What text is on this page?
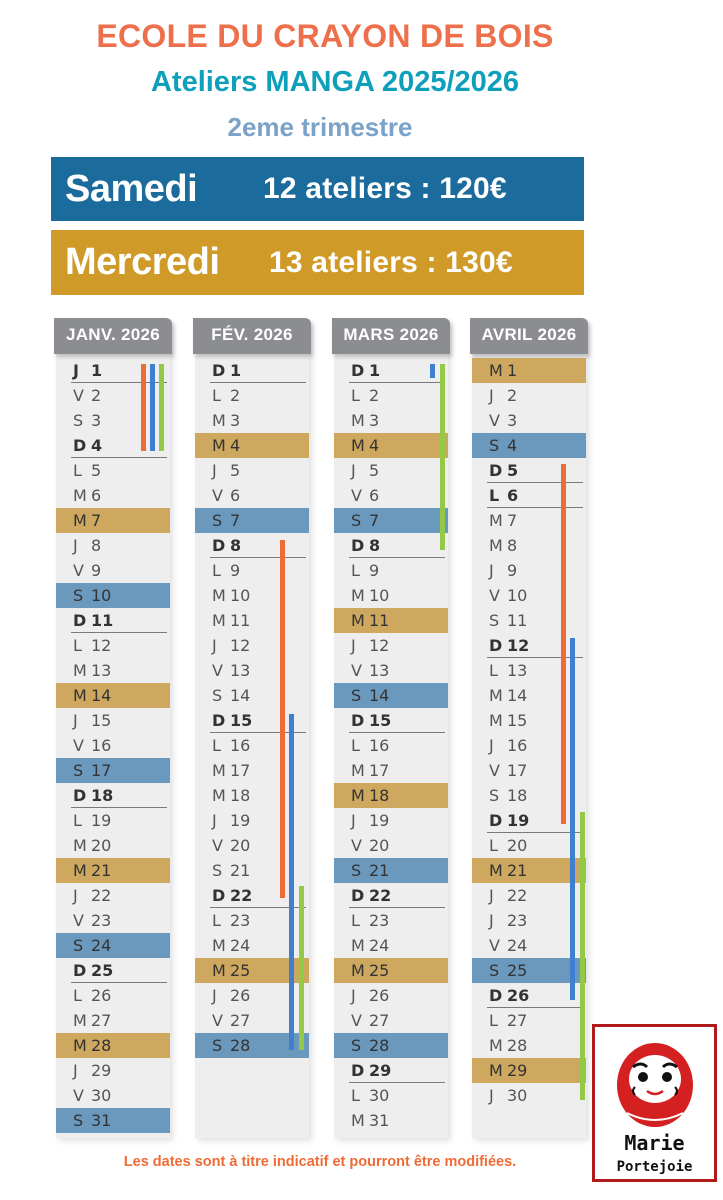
ECOLE DU CRAYON DE BOIS
Ateliers MANGA 2025/2026
2eme trimestre
Samedi	12 ateliers : 120€
Mercredi	13 ateliers : 130€
JANV. 2026
J 1
V 2
S 3
D 4
L 5
M 6
M 7
J 8
V 9
S 10
D 11
L 12
M 13
M 14
J 15
V 16
S 17
D 18
L 19
M 20
M 21
J 22
V 23
S 24
D 25
L 26
M 27
M 28
J 29
V 30
S 31
FÉV. 2026
D 1
L 2
M 3
M 4
J 5
V 6
S 7
D 8
L 9
M 10
M 11
J 12
V 13
S 14
D 15
L 16
M 17
M 18
J 19
V 20
S 21
D 22
L 23
M 24
M 25
J 26
V 27
S 28
MARS 2026
D 1
L 2
M 3
M 4
J 5
V 6
S 7
D 8
L 9
M 10
M 11
J 12
V 13
S 14
D 15
L 16
M 17
M 18
J 19
V 20
S 21
D 22
L 23
M 24
M 25
J 26
V 27
S 28
D 29
L 30
M 31
AVRIL 2026
M 1
J 2
V 3
S 4
D 5
L 6
M 7
M 8
J 9
V 10
S 11
D 12
L 13
M 14
M 15
J 16
V 17
S 18
D 19
L 20
M 21
J 22
J 23
V 24
S 25
D 26
L 27
M 28
M 29
J 30
Les dates sont à titre indicatif et pourront être modifiées.
Marie
Portejoie
